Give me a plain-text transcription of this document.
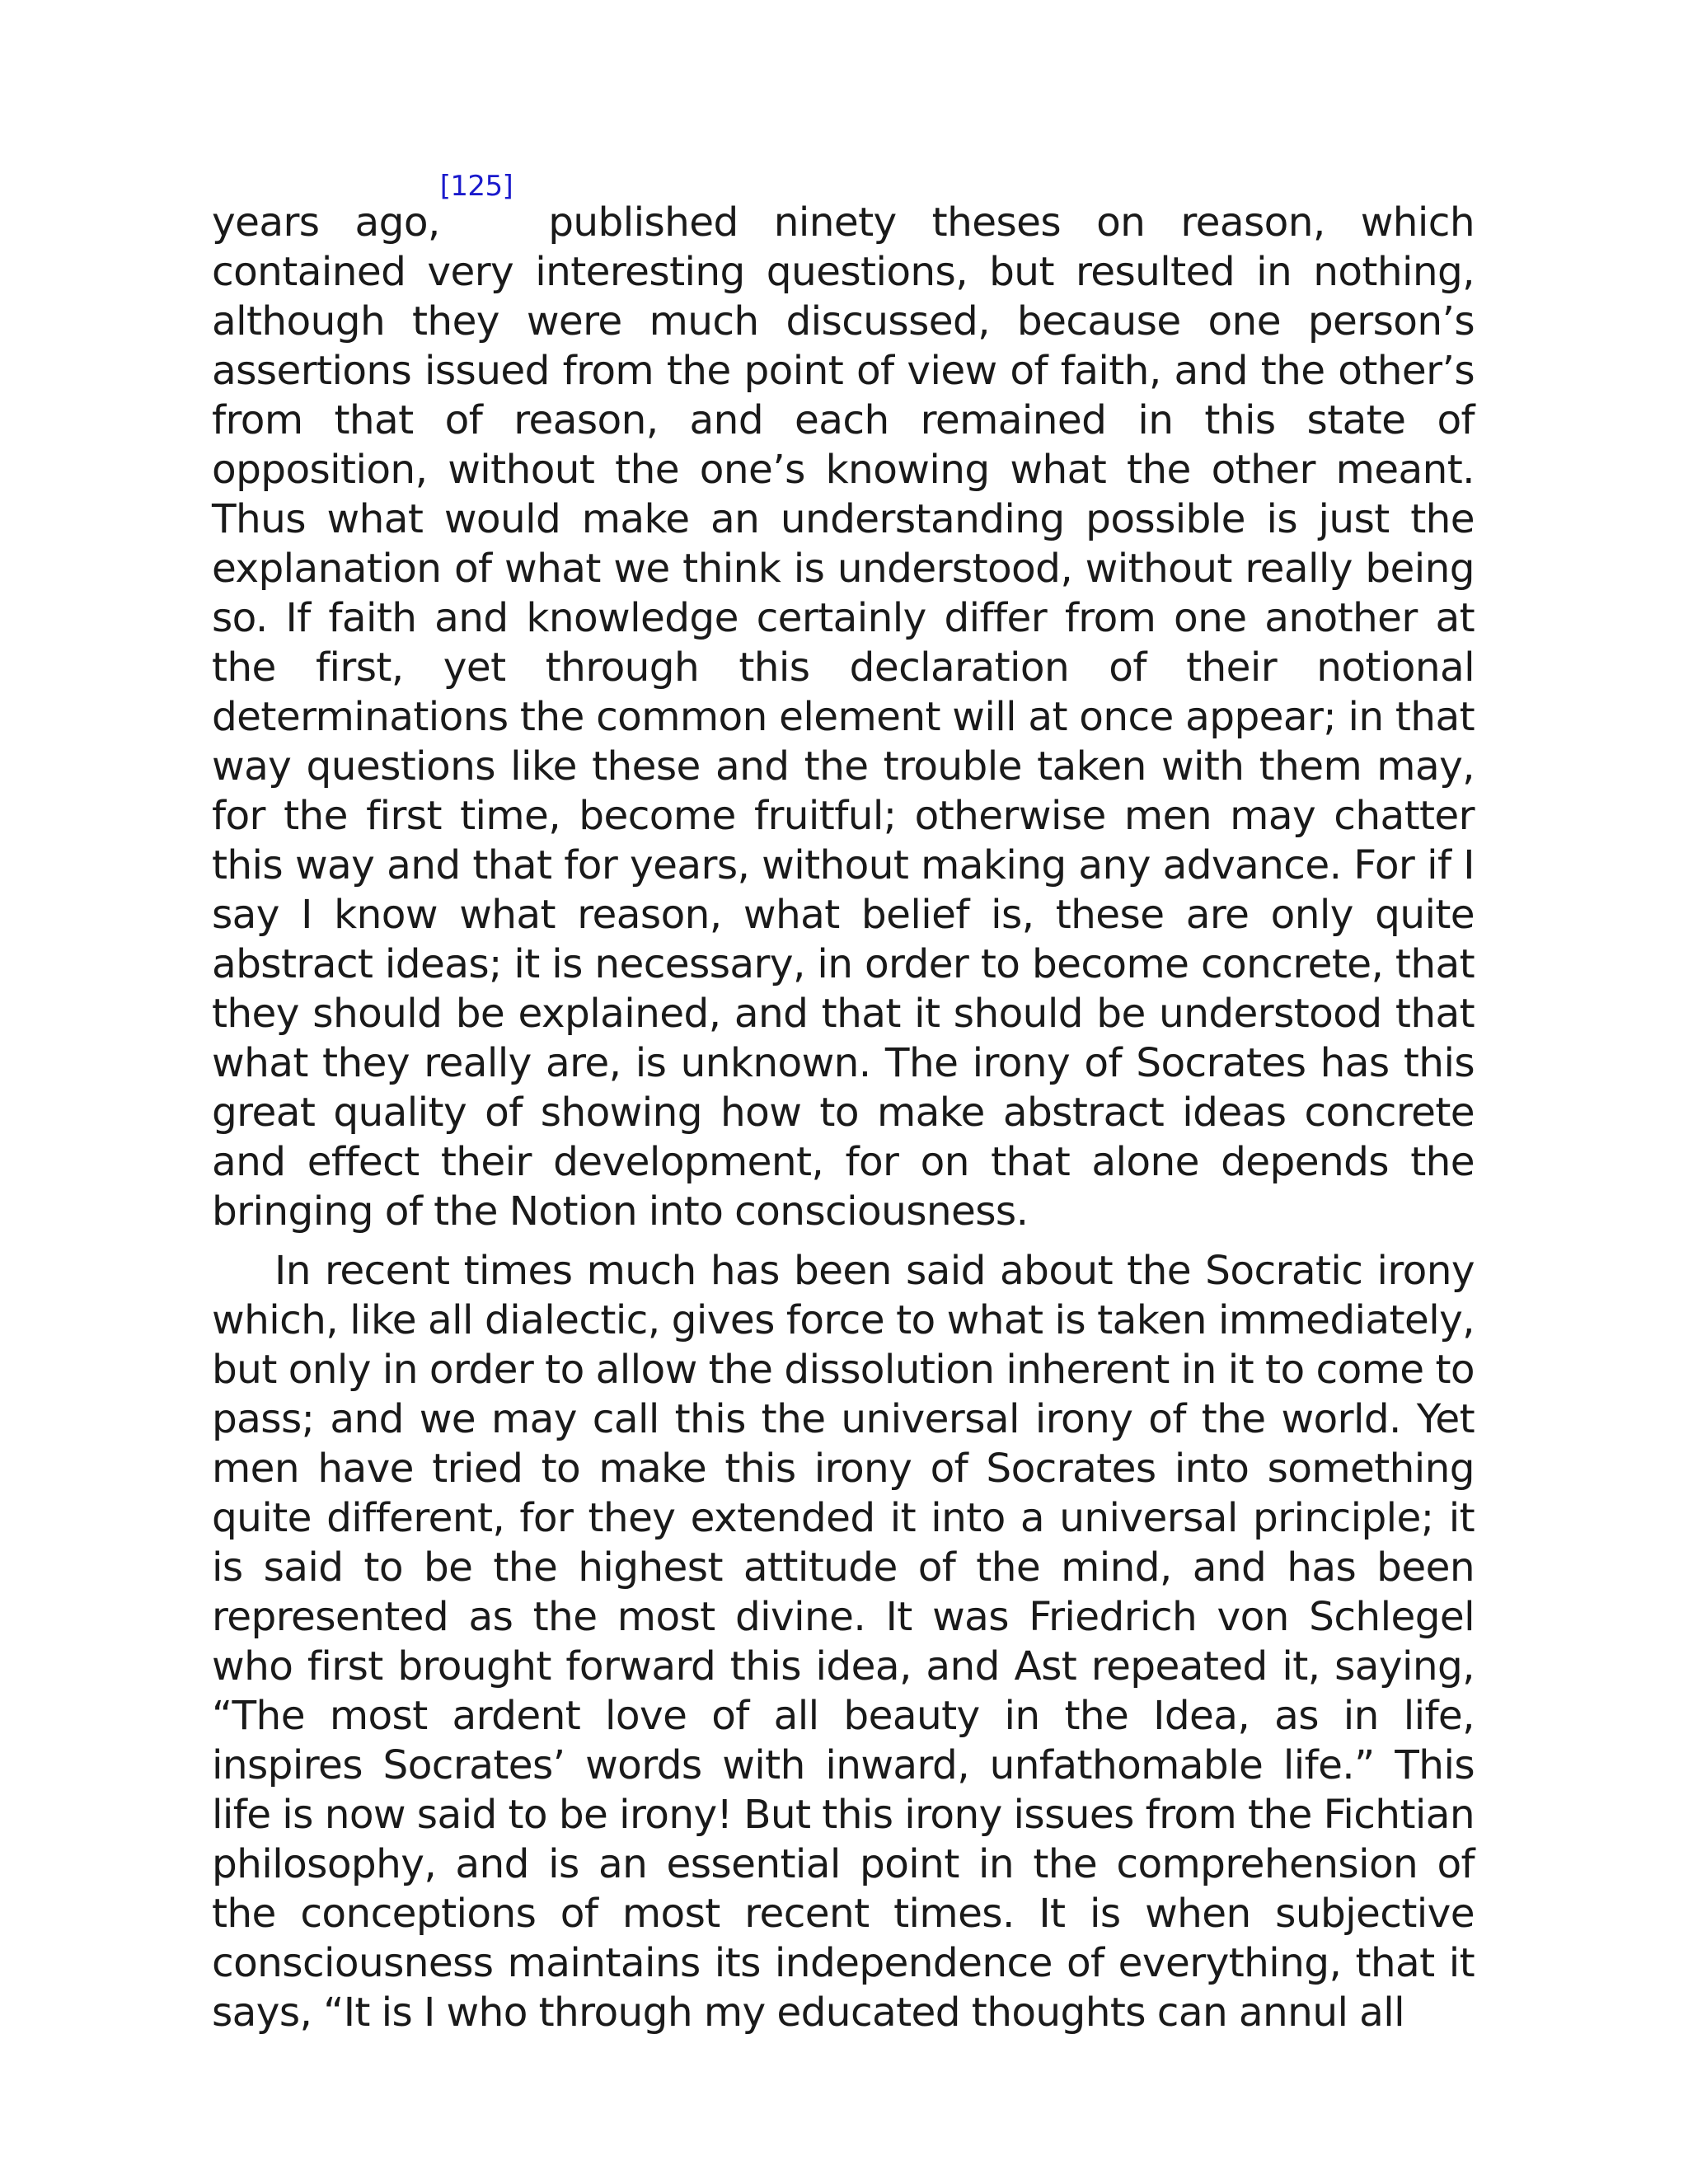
years ago,[125] published ninety theses on reason, which contained very interesting questions, but resulted in nothing, although they were much discussed, because one person’s assertions issued from the point of view of faith, and the other’s from that of reason, and each remained in this state of opposition, without the one’s knowing what the other meant. Thus what would make an understanding possible is just the explanation of what we think is understood, without really being so. If faith and knowledge certainly differ from one another at the first, yet through this declaration of their notional determinations the common element will at once appear; in that way questions like these and the trouble taken with them may, for the first time, become fruitful; otherwise men may chatter this way and that for years, without making any advance. For if I say I know what reason, what belief is, these are only quite abstract ideas; it is necessary, in order to become concrete, that they should be explained, and that it should be understood that what they really are, is unknown. The irony of Socrates has this great quality of showing how to make abstract ideas concrete and effect their development, for on that alone depends the bringing of the Notion into consciousness.

In recent times much has been said about the Socratic irony which, like all dialectic, gives force to what is taken immediately, but only in order to allow the dissolution inherent in it to come to pass; and we may call this the universal irony of the world. Yet men have tried to make this irony of Socrates into something quite different, for they extended it into a universal principle; it is said to be the highest attitude of the mind, and has been represented as the most divine. It was Friedrich von Schlegel who first brought forward this idea, and Ast repeated it, saying, “The most ardent love of all beauty in the Idea, as in life, inspires Socrates’ words with inward, unfathomable life.” This life is now said to be irony! But this irony issues from the Fichtian philosophy, and is an essential point in the comprehension of the conceptions of most recent times. It is when subjective consciousness maintains its independence of everything, that it says, “It is I who through my educated thoughts can annul all
